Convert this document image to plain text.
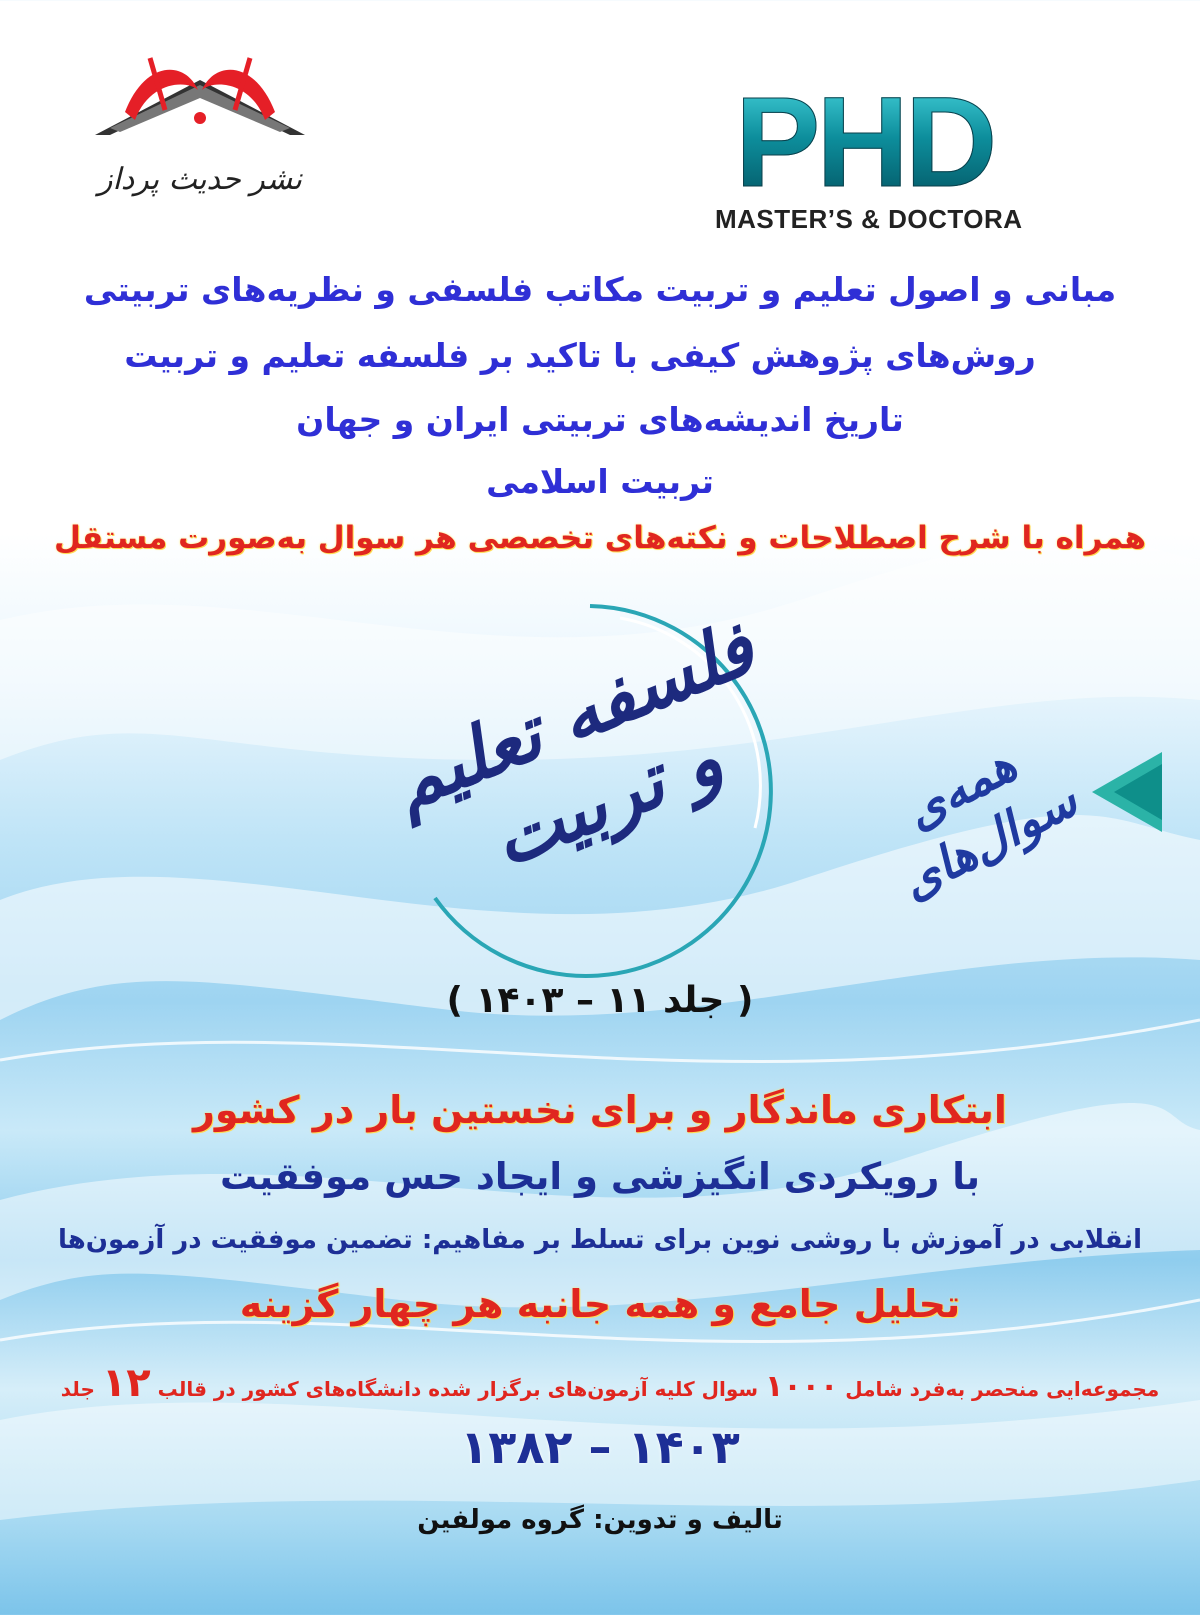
نشر حدیث پرداز	PHD
MASTER’S & DOCTORA
مبانی و اصول تعلیم و تربیت مکاتب فلسفی و نظریه‌های تربیتی
روش‌های پژوهش کیفی با تاکید بر فلسفه تعلیم و تربیت
تاریخ اندیشه‌های تربیتی ایران و جهان
تربیت اسلامی
همراه با شرح اصطلاحات و نکته‌های تخصصی هر سوال به‌صورت مستقل
فلسفه تعلیم و تربیت	همه‌ی سوال‌های
( جلد ۱۱ – ۱۴۰۳ )
ابتکاری ماندگار و برای نخستین بار در کشور
با رویکردی انگیزشی و ایجاد حس موفقیت
انقلابی در آموزش با روشی نوین برای تسلط بر مفاهیم: تضمین موفقیت در آزمون‌ها
تحلیل جامع و همه جانبه هر چهار گزینه
مجموعه‌ایی منحصر به‌فرد شامل ۱۰۰۰ سوال کلیه آزمون‌های برگزار شده دانشگاه‌های کشور در قالب ۱۲ جلد
۱۴۰۳ – ۱۳۸۲
تالیف و تدوین: گروه مولفین
